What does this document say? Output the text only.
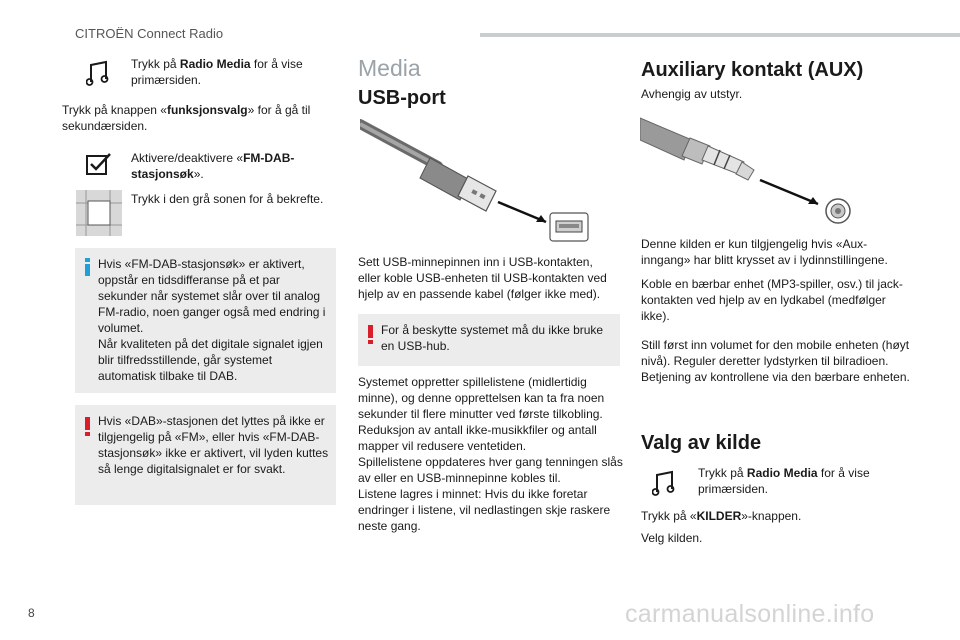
CITROËN Connect Radio
Trykk på Radio Media for å vise primærsiden.
Trykk på knappen «funksjonsvalg» for å gå til sekundærsiden.
Aktivere/deaktivere «FM-DAB-stasjonsøk».
Trykk i den grå sonen for å bekrefte.
Hvis «FM-DAB-stasjonsøk» er aktivert, oppstår en tidsdifferanse på et par sekunder når systemet slår over til analog FM-radio, noen ganger også med endring i volumet.
Når kvaliteten på det digitale signalet igjen blir tilfredsstillende, går systemet automatisk tilbake til DAB.
Hvis «DAB»-stasjonen det lyttes på ikke er tilgjengelig på «FM», eller hvis «FM-DAB-stasjonsøk» ikke er aktivert, vil lyden kuttes så lenge digitalsignalet er for svakt.
Media
USB-port
Sett USB-minnepinnen inn i USB-kontakten, eller koble USB-enheten til USB-kontakten ved hjelp av en passende kabel (følger ikke med).
For å beskytte systemet må du ikke bruke en USB-hub.
Systemet oppretter spillelistene (midlertidig minne), og denne opprettelsen kan ta fra noen sekunder til flere minutter ved første tilkobling.
Reduksjon av antall ikke-musikkfiler og antall mapper vil redusere ventetiden.
Spillelistene oppdateres hver gang tenningen slås av eller en USB-minnepinne kobles til.
Listene lagres i minnet: Hvis du ikke foretar endringer i listene, vil nedlastingen skje raskere neste gang.
Auxiliary kontakt (AUX)
Avhengig av utstyr.
Denne kilden er kun tilgjengelig hvis «Aux-inngang» har blitt krysset av i lydinnstillingene.
Koble en bærbar enhet (MP3-spiller, osv.) til jack-kontakten ved hjelp av en lydkabel (medfølger ikke).
Still først inn volumet for den mobile enheten (høyt nivå). Reguler deretter lydstyrken til bilradioen.
Betjening av kontrollene via den bærbare enheten.
Valg av kilde
Trykk på Radio Media for å vise primærsiden.
Trykk på «KILDER»-knappen.
Velg kilden.
8	carmanualsonline.info
